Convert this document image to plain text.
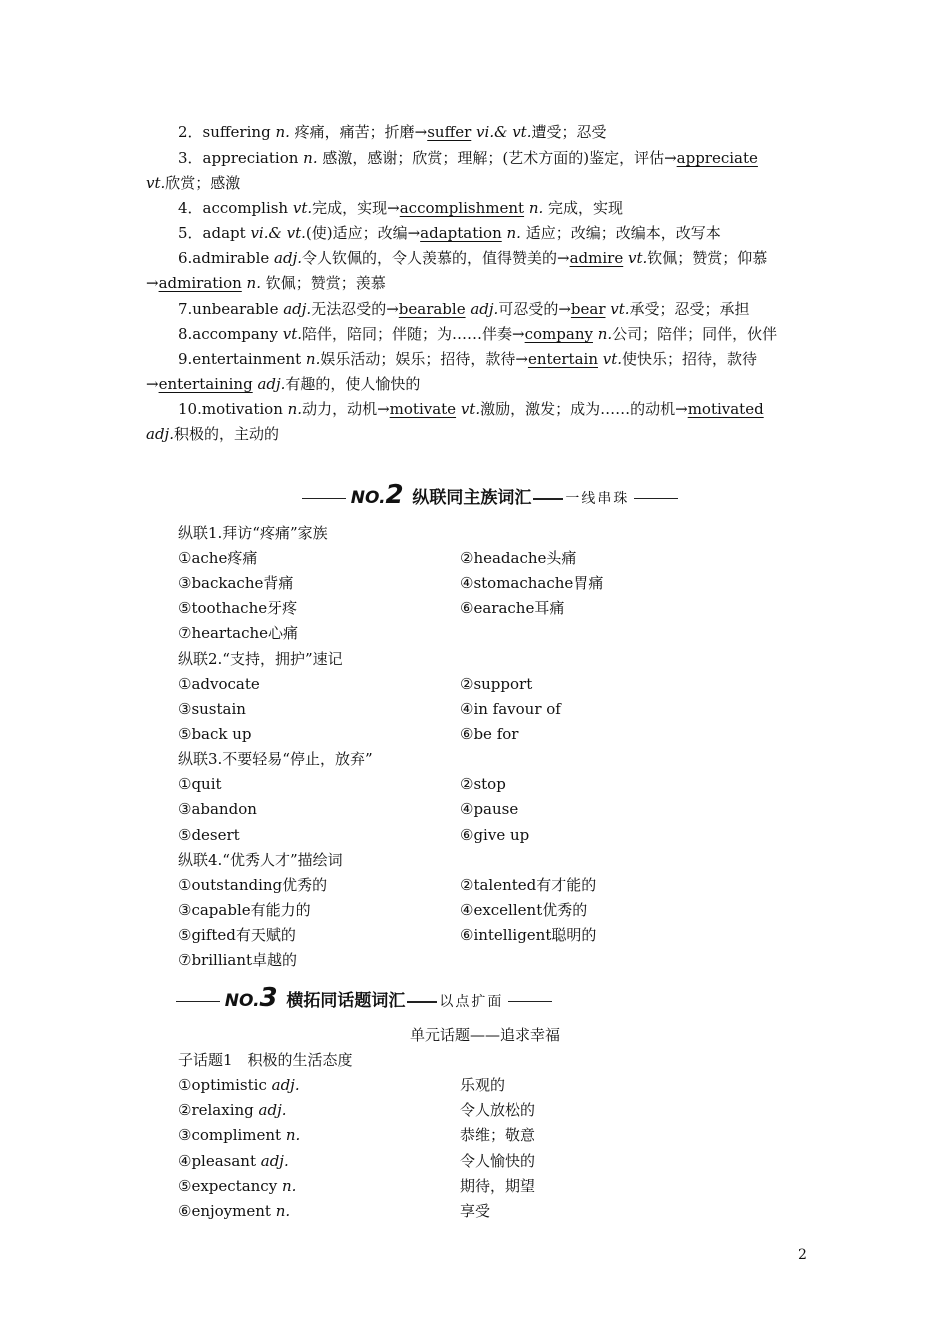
2．suffering n. 疼痛，痛苦；折磨→suffer vi.& vt.遭受；忍受
3．appreciation n. 感激，感谢；欣赏；理解；(艺术方面的)鉴定，评估→appreciate
vt.欣赏；感激
4．accomplish vt.完成，实现→accomplishment n. 完成，实现
5．adapt vi.& vt.(使)适应；改编→adaptation n. 适应；改编；改编本，改写本
6.admirable adj.令人钦佩的，令人羡慕的，值得赞美的→admire vt.钦佩；赞赏；仰慕
→admiration n. 钦佩；赞赏；羡慕
7.unbearable adj.无法忍受的→bearable adj.可忍受的→bear vt.承受；忍受；承担
8.accompany vt.陪伴，陪同；伴随；为……伴奏→company n.公司；陪伴；同伴，伙伴
9.entertainment n.娱乐活动；娱乐；招待，款待→entertain vt.使快乐；招待，款待
→entertaining adj.有趣的，使人愉快的
10.motivation n.动力，动机→motivate vt.激励，激发；成为……的动机→motivated
adj.积极的，主动的
NO.2 纵联同主族词汇 一线串珠
纵联1.拜访“疼痛”家族
①ache疼痛	②headache头痛
③backache背痛	④stomachache胃痛
⑤toothache牙疼	⑥earache耳痛
⑦heartache心痛
纵联2.“支持，拥护”速记
①advocate	②support
③sustain	④in favour of
⑤back up	⑥be for
纵联3.不要轻易“停止，放弃”
①quit	②stop
③abandon	④pause
⑤desert	⑥give up
纵联4.“优秀人才”描绘词
①outstanding优秀的	②talented有才能的
③capable有能力的	④excellent优秀的
⑤gifted有天赋的	⑥intelligent聪明的
⑦brilliant卓越的
NO.3 横拓同话题词汇 以点扩面
单元话题——追求幸福
子话题1　积极的生活态度
①optimistic adj.	乐观的
②relaxing adj.	令人放松的
③compliment n.	恭维；敬意
④pleasant adj.	令人愉快的
⑤expectancy n.	期待，期望
⑥enjoyment n.	享受
2
